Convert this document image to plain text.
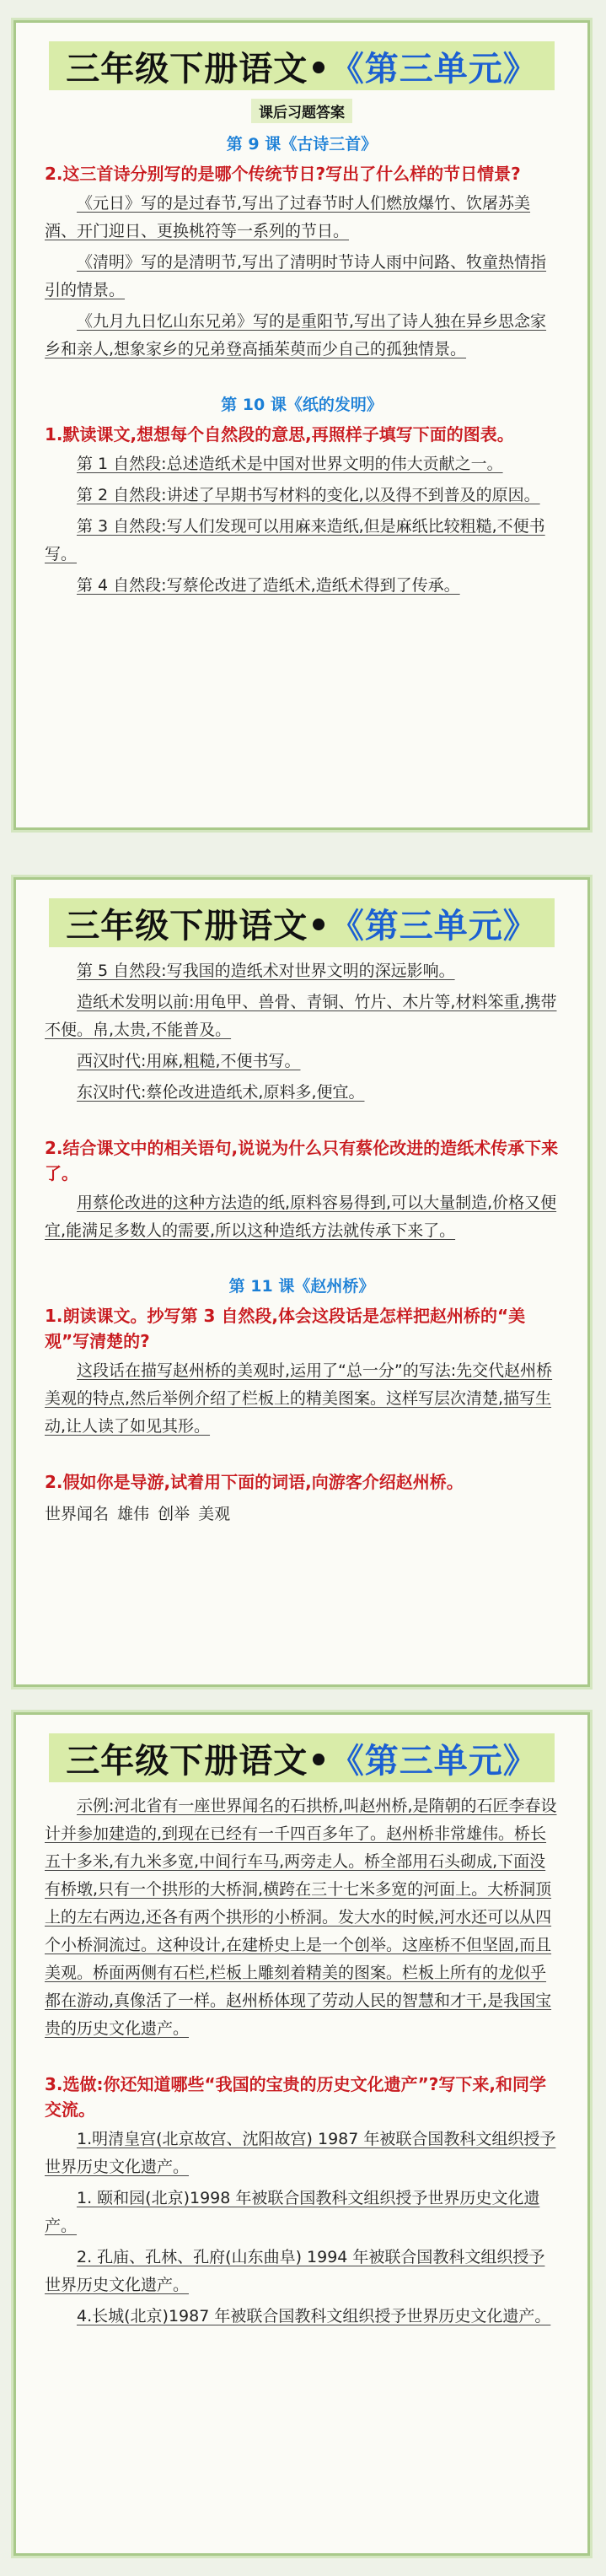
三年级下册语文• 《第三单元》
课后习题答案
第 9 课《古诗三首》
2.这三首诗分别写的是哪个传统节日?写出了什么样的节日情景?
《元日》写的是过春节,写出了过春节时人们燃放爆竹、饮屠苏美酒、开门迎日、更换桃符等一系列的节日。
《清明》写的是清明节,写出了清明时节诗人雨中问路、牧童热情指引的情景。
《九月九日忆山东兄弟》写的是重阳节,写出了诗人独在异乡思念家乡和亲人,想象家乡的兄弟登高插茱萸而少自己的孤独情景。
第 10 课《纸的发明》
1.默读课文,想想每个自然段的意思,再照样子填写下面的图表。
第 1 自然段:总述造纸术是中国对世界文明的伟大贡献之一。
第 2 自然段:讲述了早期书写材料的变化,以及得不到普及的原因。
第 3 自然段:写人们发现可以用麻来造纸,但是麻纸比较粗糙,不便书写。
第 4 自然段:写蔡伦改进了造纸术,造纸术得到了传承。
三年级下册语文• 《第三单元》
第 5 自然段:写我国的造纸术对世界文明的深远影响。
造纸术发明以前:用龟甲、兽骨、青铜、竹片、木片等,材料笨重,携带不便。帛,太贵,不能普及。
西汉时代:用麻,粗糙,不便书写。
东汉时代:蔡伦改进造纸术,原料多,便宜。
2.结合课文中的相关语句,说说为什么只有蔡伦改进的造纸术传承下来了。
用蔡伦改进的这种方法造的纸,原料容易得到,可以大量制造,价格又便宜,能满足多数人的需要,所以这种造纸方法就传承下来了。
第 11 课《赵州桥》
1.朗读课文。抄写第 3 自然段,体会这段话是怎样把赵州桥的“美观”写清楚的?
这段话在描写赵州桥的美观时,运用了“总一分”的写法:先交代赵州桥美观的特点,然后举例介绍了栏板上的精美图案。这样写层次清楚,描写生动,让人读了如见其形。
2.假如你是导游,试着用下面的词语,向游客介绍赵州桥。
世界闻名 雄伟 创举 美观
三年级下册语文• 《第三单元》
示例:河北省有一座世界闻名的石拱桥,叫赵州桥,是隋朝的石匠李春设计并参加建造的,到现在已经有一千四百多年了。赵州桥非常雄伟。桥长五十多米,有九米多宽,中间行车马,两旁走人。桥全部用石头砌成,下面没有桥墩,只有一个拱形的大桥洞,横跨在三十七米多宽的河面上。大桥洞顶上的左右两边,还各有两个拱形的小桥洞。发大水的时候,河水还可以从四个小桥洞流过。这种设计,在建桥史上是一个创举。这座桥不但坚固,而且美观。桥面两侧有石栏,栏板上雕刻着精美的图案。栏板上所有的龙似乎都在游动,真像活了一样。赵州桥体现了劳动人民的智慧和才干,是我国宝贵的历史文化遗产。
3.选做:你还知道哪些“我国的宝贵的历史文化遗产”?写下来,和同学交流。
1.明清皇宫(北京故宫、沈阳故宫) 1987 年被联合国教科文组织授予世界历史文化遗产。
1. 颐和园(北京)1998 年被联合国教科文组织授予世界历史文化遗产。
2. 孔庙、孔林、孔府(山东曲阜) 1994 年被联合国教科文组织授予世界历史文化遗产。
4.长城(北京)1987 年被联合国教科文组织授予世界历史文化遗产。
